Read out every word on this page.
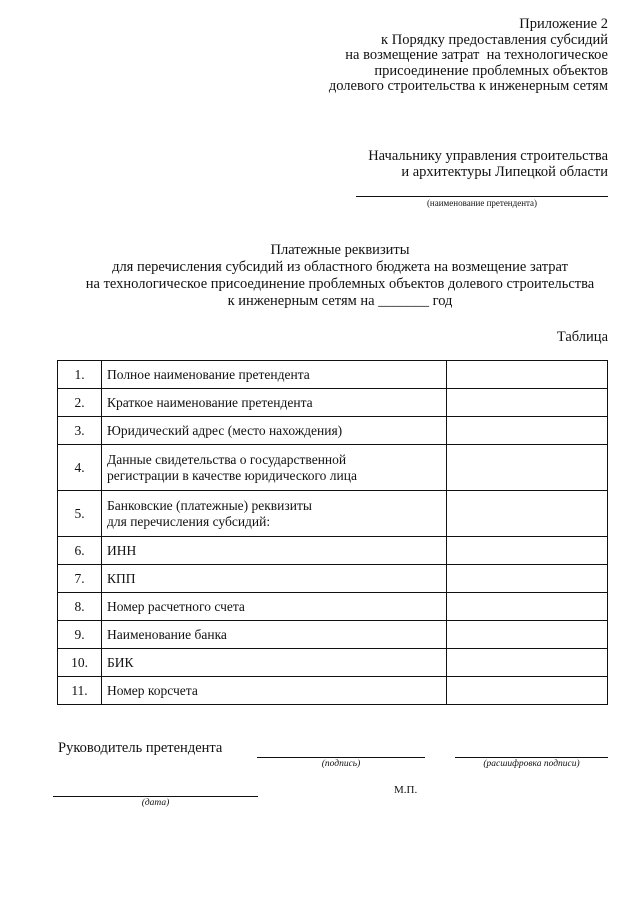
Приложение 2
к Порядку предоставления субсидий
на возмещение затрат  на технологическое
присоединение проблемных объектов
долевого строительства к инженерным сетям
Начальнику управления строительства
и архитектуры Липецкой области
(наименование претендента)
Платежные реквизиты
для перечисления субсидий из областного бюджета на возмещение затрат
на технологическое присоединение проблемных объектов долевого строительства
к инженерным сетям на _______ год
Таблица
1.	Полное наименование претендента	
2.	Краткое наименование претендента	
3.	Юридический адрес (место нахождения)	
4.	Данные свидетельства о государственной
регистрации в качестве юридического лица	
5.	Банковские (платежные) реквизиты
для перечисления субсидий:	
6.	ИНН	
7.	КПП	
8.	Номер расчетного счета	
9.	Наименование банка	
10.	БИК	
11.	Номер корсчета	
Руководитель претендента
(подпись)	(расшифровка подписи)
М.П.
(дата)
